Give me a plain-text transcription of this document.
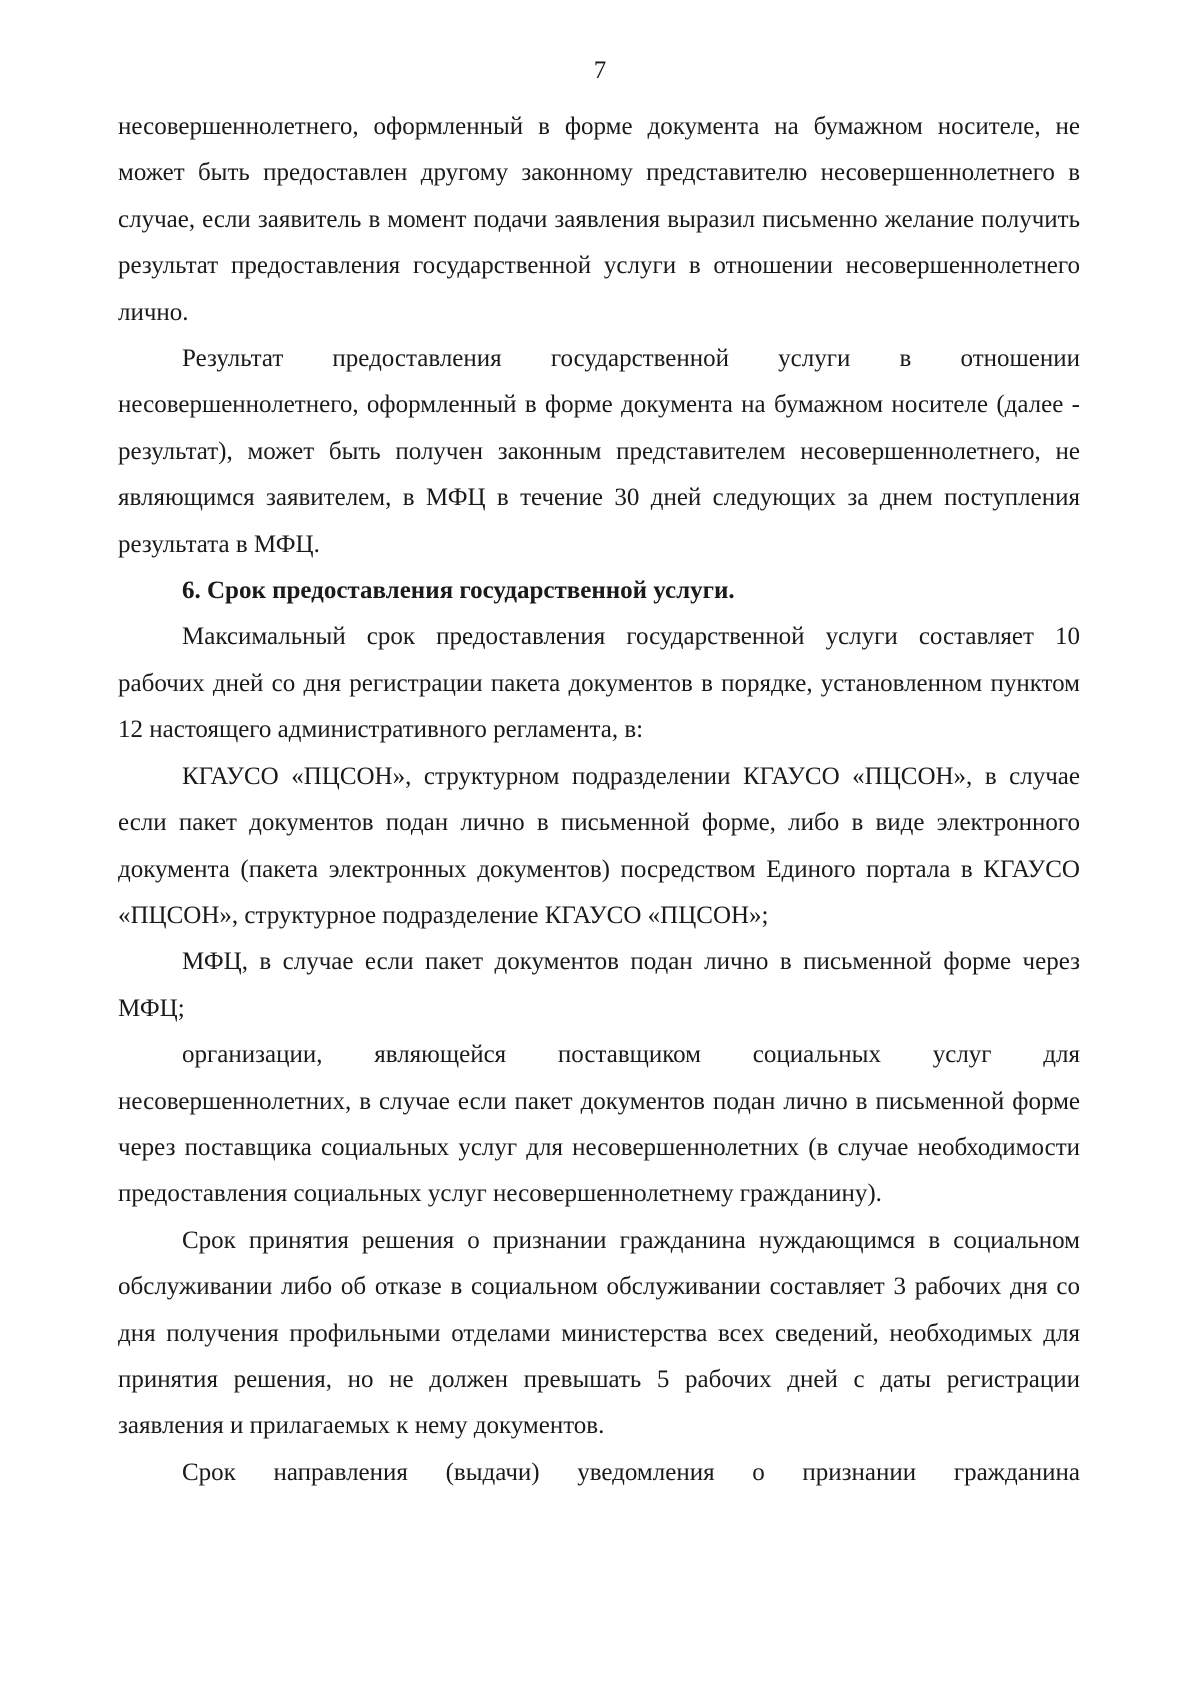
7

несовершеннолетнего, оформленный в форме документа на бумажном носителе, не может быть предоставлен другому законному представителю несовершеннолетнего в случае, если заявитель в момент подачи заявления выразил письменно желание получить результат предоставления государственной услуги в отношении несовершеннолетнего лично.

Результат предоставления государственной услуги в отношении несовершеннолетнего, оформленный в форме документа на бумажном носителе (далее - результат), может быть получен законным представителем несовершеннолетнего, не являющимся заявителем, в МФЦ в течение 30 дней следующих за днем поступления результата в МФЦ.

6. Срок предоставления государственной услуги.

Максимальный срок предоставления государственной услуги составляет 10 рабочих дней со дня регистрации пакета документов в порядке, установленном пунктом 12 настоящего административного регламента, в:

КГАУСО «ПЦСОН», структурном подразделении КГАУСО «ПЦСОН», в случае если пакет документов подан лично в письменной форме, либо в виде электронного документа (пакета электронных документов) посредством Единого портала в КГАУСО «ПЦСОН», структурное подразделение КГАУСО «ПЦСОН»;

МФЦ, в случае если пакет документов подан лично в письменной форме через МФЦ;

организации, являющейся поставщиком социальных услуг для несовершеннолетних, в случае если пакет документов подан лично в письменной форме через поставщика социальных услуг для несовершеннолетних (в случае необходимости предоставления социальных услуг несовершеннолетнему гражданину).

Срок принятия решения о признании гражданина нуждающимся в социальном обслуживании либо об отказе в социальном обслуживании составляет 3 рабочих дня со дня получения профильными отделами министерства всех сведений, необходимых для принятия решения, но не должен превышать 5 рабочих дней с даты регистрации заявления и прилагаемых к нему документов.

Срок направления (выдачи) уведомления о признании гражданина
